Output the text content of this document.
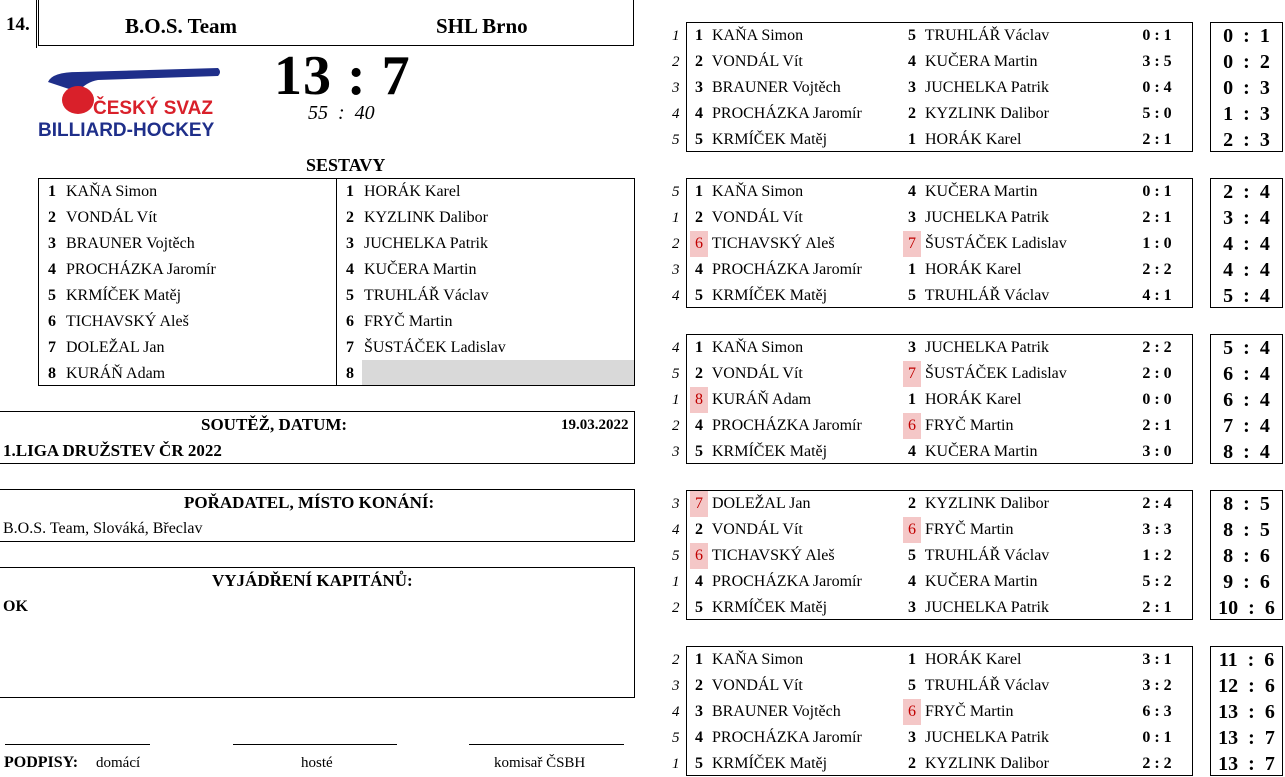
14.	B.O.S. Team	SHL Brno
ČESKÝ SVAZ
BILLIARD-HOCKEY
13 : 7
55  :  40
SESTAVY
1 KAŇA Simon
2 VONDÁL Vít
3 BRAUNER Vojtěch
4 PROCHÁZKA Jaromír
5 KRMÍČEK Matěj
6 TICHAVSKÝ Aleš
7 DOLEŽAL Jan
8 KURÁŇ Adam
1 HORÁK Karel
2 KYZLINK Dalibor
3 JUCHELKA Patrik
4 KUČERA Martin
5 TRUHLÁŘ Václav
6 FRYČ Martin
7 ŠUSTÁČEK Ladislav
8
SOUTĚŽ, DATUM:	19.03.2022
1.LIGA DRUŽSTEV ČR 2022
POŘADATEL, MÍSTO KONÁNÍ:
B.O.S. Team, Slováká, Břeclav
VYJÁDŘENÍ KAPITÁNŮ:
OK
PODPISY: domácí	hosté	komisař ČSBH
1 1 KAŇA Simon	5 TRUHLÁŘ Václav	0 : 1	0  :  1
2 2 VONDÁL Vít	4 KUČERA Martin	3 : 5	0  :  2
3 3 BRAUNER Vojtěch	3 JUCHELKA Patrik	0 : 4	0  :  3
4 4 PROCHÁZKA Jaromír	2 KYZLINK Dalibor	5 : 0	1  :  3
5 5 KRMÍČEK Matěj	1 HORÁK Karel	2 : 1	2  :  3
5 1 KAŇA Simon	4 KUČERA Martin	0 : 1	2  :  4
1 2 VONDÁL Vít	3 JUCHELKA Patrik	2 : 1	3  :  4
2 6 TICHAVSKÝ Aleš	7 ŠUSTÁČEK Ladislav	1 : 0	4  :  4
3 4 PROCHÁZKA Jaromír	1 HORÁK Karel	2 : 2	4  :  4
4 5 KRMÍČEK Matěj	5 TRUHLÁŘ Václav	4 : 1	5  :  4
4 1 KAŇA Simon	3 JUCHELKA Patrik	2 : 2	5  :  4
5 2 VONDÁL Vít	7 ŠUSTÁČEK Ladislav	2 : 0	6  :  4
1 8 KURÁŇ Adam	1 HORÁK Karel	0 : 0	6  :  4
2 4 PROCHÁZKA Jaromír	6 FRYČ Martin	2 : 1	7  :  4
3 5 KRMÍČEK Matěj	4 KUČERA Martin	3 : 0	8  :  4
3 7 DOLEŽAL Jan	2 KYZLINK Dalibor	2 : 4	8  :  5
4 2 VONDÁL Vít	6 FRYČ Martin	3 : 3	8  :  5
5 6 TICHAVSKÝ Aleš	5 TRUHLÁŘ Václav	1 : 2	8  :  6
1 4 PROCHÁZKA Jaromír	4 KUČERA Martin	5 : 2	9  :  6
2 5 KRMÍČEK Matěj	3 JUCHELKA Patrik	2 : 1	10  :  6
2 1 KAŇA Simon	1 HORÁK Karel	3 : 1	11  :  6
3 2 VONDÁL Vít	5 TRUHLÁŘ Václav	3 : 2	12  :  6
4 3 BRAUNER Vojtěch	6 FRYČ Martin	6 : 3	13  :  6
5 4 PROCHÁZKA Jaromír	3 JUCHELKA Patrik	0 : 1	13  :  7
1 5 KRMÍČEK Matěj	2 KYZLINK Dalibor	2 : 2	13  :  7
